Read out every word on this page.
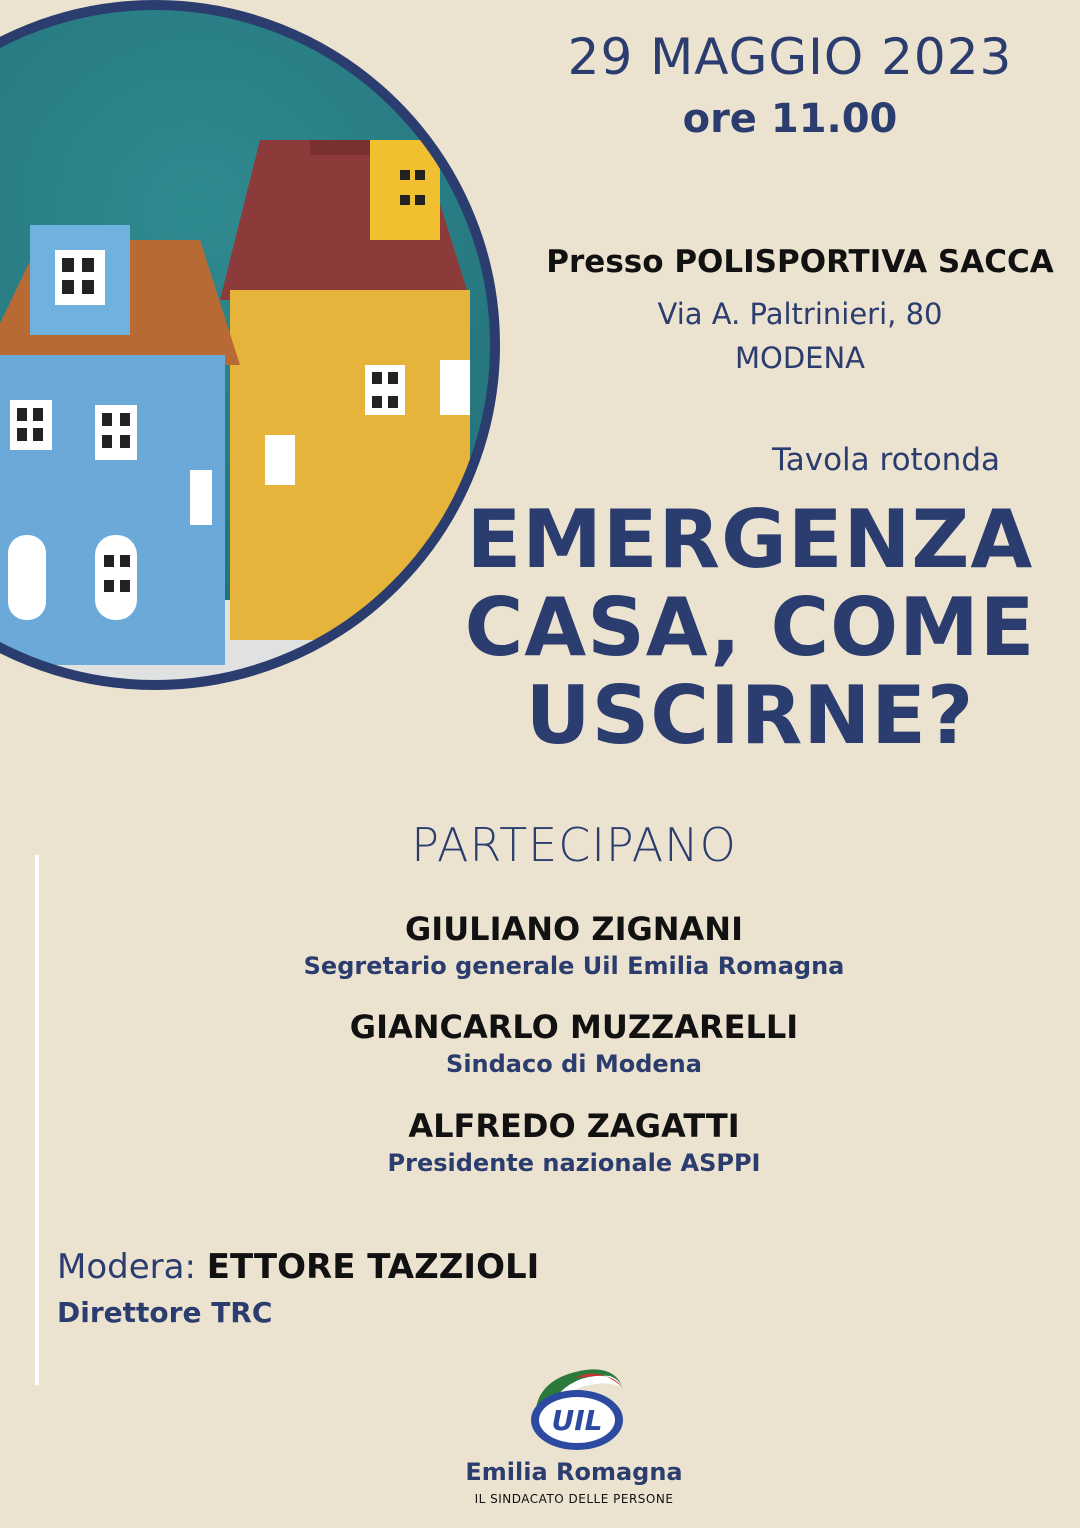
29 MAGGIO 2023
ore 11.00
Presso POLISPORTIVA SACCA
Via A. Paltrinieri, 80
MODENA
Tavola rotonda
EMERGENZA
CASA, COME
USCIRNE?
PARTECIPANO
GIULIANO ZIGNANI
Segretario generale Uil Emilia Romagna
GIANCARLO MUZZARELLI
Sindaco di Modena
ALFREDO ZAGATTI
Presidente nazionale ASPPI
Modera: ETTORE TAZZIOLI
Direttore TRC
UIL
Emilia Romagna
IL SINDACATO DELLE PERSONE
